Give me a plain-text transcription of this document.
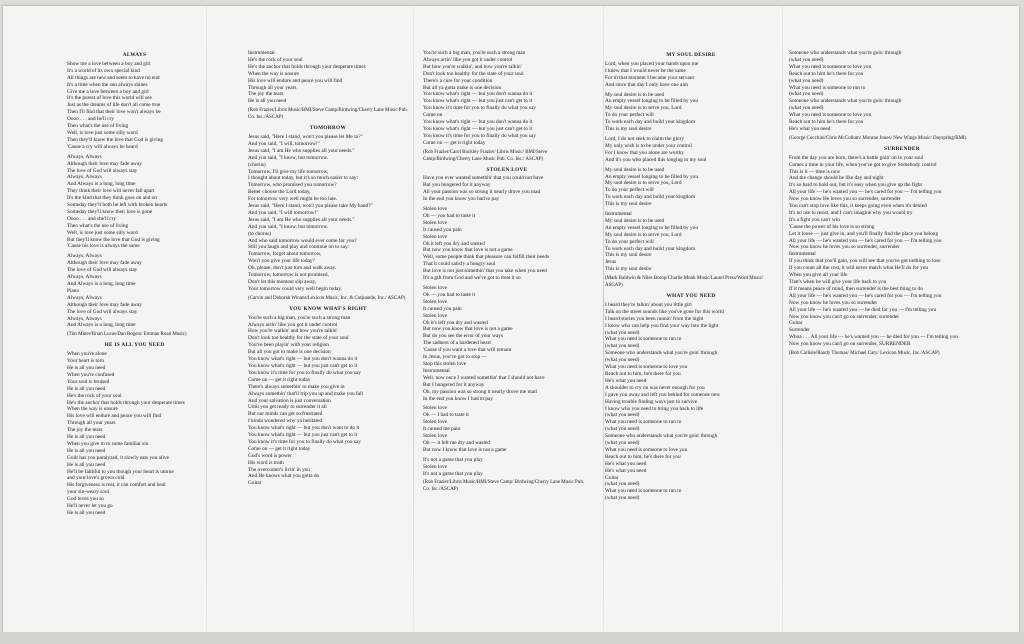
ALWAYS
Show me a love between a boy and girl
It's a world of its own special kind
All things are new and seem to have no end
It's a time when the sun always shines
Give me a love between a boy and girl
It's the purest of love this world will see
Just as the dreams of life don't all come true
Then I'll find that their love won't always be
Oooo . . . and he'll cry
Then what's the use of living
Well, is love just some silly word
Then they'll know the love that God is giving
'Cause a cry will always be heard
Always, Always
Although their love may fade away
The love of God will always stay
Always, Always
And Always is a long, long time
They think their love will never fall apart
It's the kind that they think goes on and on
Someday they'll both be left with broken hearts
Someday they'll know their love is gone
Oooo . . . and she'll cry
Then what's the use of living
Well, is love just some silly word
But they'll know the love that God is giving
'Cause his love is always the same
Always, Always
Although their love may fade away
The love of God will always stay
Always, Always
And Always is a long, long time
Piano
Always, Always
Although their love may fade away
The love of God will always stay
Always, Always
And Always is a long, long time
(Tim Miner/Brian Lucas/Dan Rogers/ Emman Road Music)
HE IS ALL YOU NEED
When you're alone
Your heart is torn
He is all you need
When you're confused
Your soul is bruised
He is all you need
He's the rock of your soul
He's the anchor that holds through your desperate times
When the way is unsure
His love will endure and peace you will find
Through all your years
The joy the tears
He is all you need
When you give in to some familiar sin
He is all you need
Guilt has you paralyzed, it slowly eats you alive
He is all you need
He'll be faithful to you though your heart is untrue
and your love's grown cold
His forgiveness is real, it can comfort and heal
your sin-weary soul
God loves you so
He'll never let you go
He is all you need
Instrumental
He's the rock of your soul
He's the anchor that holds through your desperate times
When the way is unsure
His love will endure and peace you will find
Through all your years
The joy the tears
He is all you need
(Rob Frazier/Libris Music/BMI/Steve Camp/Birdwing/Cherry Lane Music Pub. Co. Inc./ASCAP)
TOMORROW
Jesus said, "Here I stand, won't you please let Me in?"
And you said, "I will, tomorrow!"
Jesus said, "I am He who supplies all your needs."
And you said, "I know, but tomorrow.
(chorus)
Tomorrow, I'll give my life tomorrow,
I thought about today, but it's so much easier to say:
Tomorrow, who promised you tomorrow?
Better choose the Lord today,
For tomorrow very well might be too late.
Jesus said, "Here I stand, won't you please take My hand?"
And you said, "I will tomorrow!"
Jesus said, "I am He who supplies all your needs."
And you said, "I know, but tomorrow.
(to chorus)
And who said tomorrow would ever come for you?
Still you laugh and play and continue on to say:
Tomorrow, forget about tomorrow,
Won't you give your life today?
Oh, please, don't just turn and walk away.
Tomorrow, tomorrow is not promised,
Don't let this moment slip away,
Your tomorrow could very well begin today.
(Carvin and Deborah Winans/Lexicon Music, Inc. & Cotjuande, Inc./ ASCAP)
YOU KNOW WHAT'S RIGHT
You're such a big man, you're such a strong man
Always actin' like you got it under control
How you're walkin' and how you're talkin'
Don't look too healthy for the state of your soul
You've been playin' with your religion
But all you got to make is one decision
You know what's right — but you don't wanna do it
You know what's right — but you just can't get to it
You know it's time for you to finally do what you say
Come on — get it right today
There's always somethin' to make you give in
Always somethin' that'll trip you up and make you fall
And your salvation is just conversation
Until you get ready to surrender it all
But our minds can get so frustrated
I kinda wondered why ya hesitated
You know what's right — but you don't want to do it
You know what's right — but you just can't get to it
You know it's time for you to finally do what you say
Come on — get it right today
God's word is power
His word is truth
The overcomer's livin' in you
And He knows what you gotta do
Guitar
You're such a big man, you're such a strong man
Always actin' like you got it under control
But how you're walkin', and how you're talkin'
Don't look too healthy for the state of your soul
There's a cure for your condition
But all ya gotta make is one decision
You know what's right — but you don't wanna do it
You know what's right — but you just can't get to it
You know it's time for you to finally do what you say
Come on
You know what's right — but you don't wanna do it
You know what's right — but you just can't get to it
You know it's time for you to finally do what you say
Come on — get it right today
(Rob Frazier/Carol Buckley Frazier/ Libris Music/ BMI/Steve Camp/Birdwing/Cherry Lane Music Pub. Co. Inc./ ASCAP)
STOLEN LOVE
Have you ever wanted somethin' that you could not have
But you hungered for it anyway
All your passion was so strong it nearly drove you mad
In the end you know you had to pay
Stolen love
Oh — you had to taste it
Stolen love
It caused you pain
Stolen love
Oh it left you dry and wasted
But now you know that love is not a game
Well, some people think that pleasure can fulfill their needs
That it could satisfy a hungry soul
But love is not just somethin' that you take when you need
It's a gift from God and we've got to treat it so
Stolen love
Oh — you had to taste it
Stolen love
It caused you pain
Stolen love
Oh it's left you dry and wasted
But now you know that love is not a game
But do you see the error of your ways
The sadness of a hardened heart
'Cause if you want a love that will remain
In Jesus, you've got to stop —
Stop this stolen love
Instrumental
Well, now once I wanted somethin' that I should not have
But I hungered for it anyway
Oh, my passion was so strong it nearly drove me mad
In the end you know I had to pay
Stolen love
Oh — I had to taste it
Stolen love
It caused me pain
Stolen love
Oh — it left me dry and wasted
But now I know that love is not a game
It's not a game that you play
Stolen love
It's not a game that you play
(Rob Frazier/Libris Music/BMI/Steve Camp/ Birdwing/Cherry Lane Music Pub. Co. Inc./ASCAP)
MY SOUL DESIRE
Lord, when you placed your hands upon me
I knew that I would never be the same
For in that moment I became your servant
And since that day I only have one aim
My soul desire is to be used
An empty vessel longing to be filled by you
My soul desire is to serve you, Lord
To do your perfect will
To work each day and build your kingdom
This is my soul desire
Lord, I do not seek to claim the glory
My only wish is to be under your control
For I know that you alone are worthy
And it's you who placed this longing in my soul
My soul desire is to be used
An empty vessel longing to be filled by you
My soul desire is to serve you, Lord
To do your perfect will
To work each day and build your kingdom
This is my soul desire
Instrumental
My soul desire is to be used
An empty vessel longing to be filled by you
My soul desire is to serve you, Lord
To do your perfect will
To work each day and build your kingdom
This is my soul desire
Jesus
This is my soul desire
(Mark Baldwin & Niles Borop/Charlie Monk Music/Laurel Press/Word Music/ ASCAP)
WHAT YOU NEED
I heard they're talkin' about you little girl
Talk on the street sounds like you've gone for this world
I heard stories you been runnin' from the night
I know who can help you find your way into the light
(what you need)
What you need is someone to run to
(what you need)
Someone who understands what you're goin' through
(what you need)
What you need is someone to love you
Reach out to him, he's there for you
He's what you need
A shoulder to cry on was never enough for you
I gave you away and left you behind for someone new
Having trouble finding ways just to survive
I know who you need to bring you back to life
(what you need)
What you need is someone to run to
(what you need)
Someone who understands what you're goin' through
(what you need)
What you need is someone to love you
Reach out to him, he's there for you
He's what you need
He's what you need
Guitar
(what you need)
What you need is someone to run to
(what you need)
Someone who understands what you're goin' through
(what you need)
What you need is someone to love you
Reach out to him he's there for you
(what you need)
What you need is someone to run to
(what you need)
Someone who understands what you're goin' through
(what you need)
What you need is someone to love you
Reach out to him he's there for you
He's what you need
(George Cocchini/Chris McCollum/ Monroe Jones/ New Wings Music/ Dayspring/BMI)
SURRENDER
From the day you are born, there's a battle goin' on in your soul
Comes a time in your life, when you've got to give Somebody control
This is it — time is now
And the change should be like day and night
It's so hard to hold out, but it's easy when you give up the fight
All your life — he's wanted you — he's cared for you — I'm telling you
Now you know He loves you so surrender, surrender
You can't stop love like this, it keeps going even when it's denied
It's no use to resist, and I can't imagine why you would try
It's a fight you can't win
'Cause the power of his love is so strong
Let it loose — just give in, and you'll finally find the place you belong
All your life — he's wanted you — he's cared for you — I'm telling you
Now you know he loves you so surrender, surrender
Instrumental
If you think that you'll gain, you will see that you've got nothing to lose
If you count all the cost, it will never match what He'll do for you
When you give all your life
That's when he will give your life back to you
If it means peace of mind, then surrender is the best thing to do
All your life — he's wanted you — he's cared for you — I'm telling you
Now you know he loves you so surrender
All your life — he's wanted you — he died for you — I'm telling you
Now you know you can't go on surrender, surrender
Guitar
Surrender
Whoa . . . All your life — he's wanted you — he died for you — I'm telling you
Now you know you can't go on surrender, SURRENDER
(Bob Carlisle/Randy Thomas/ Michael Cary/ Lexicon Music, Inc./ASCAP)
